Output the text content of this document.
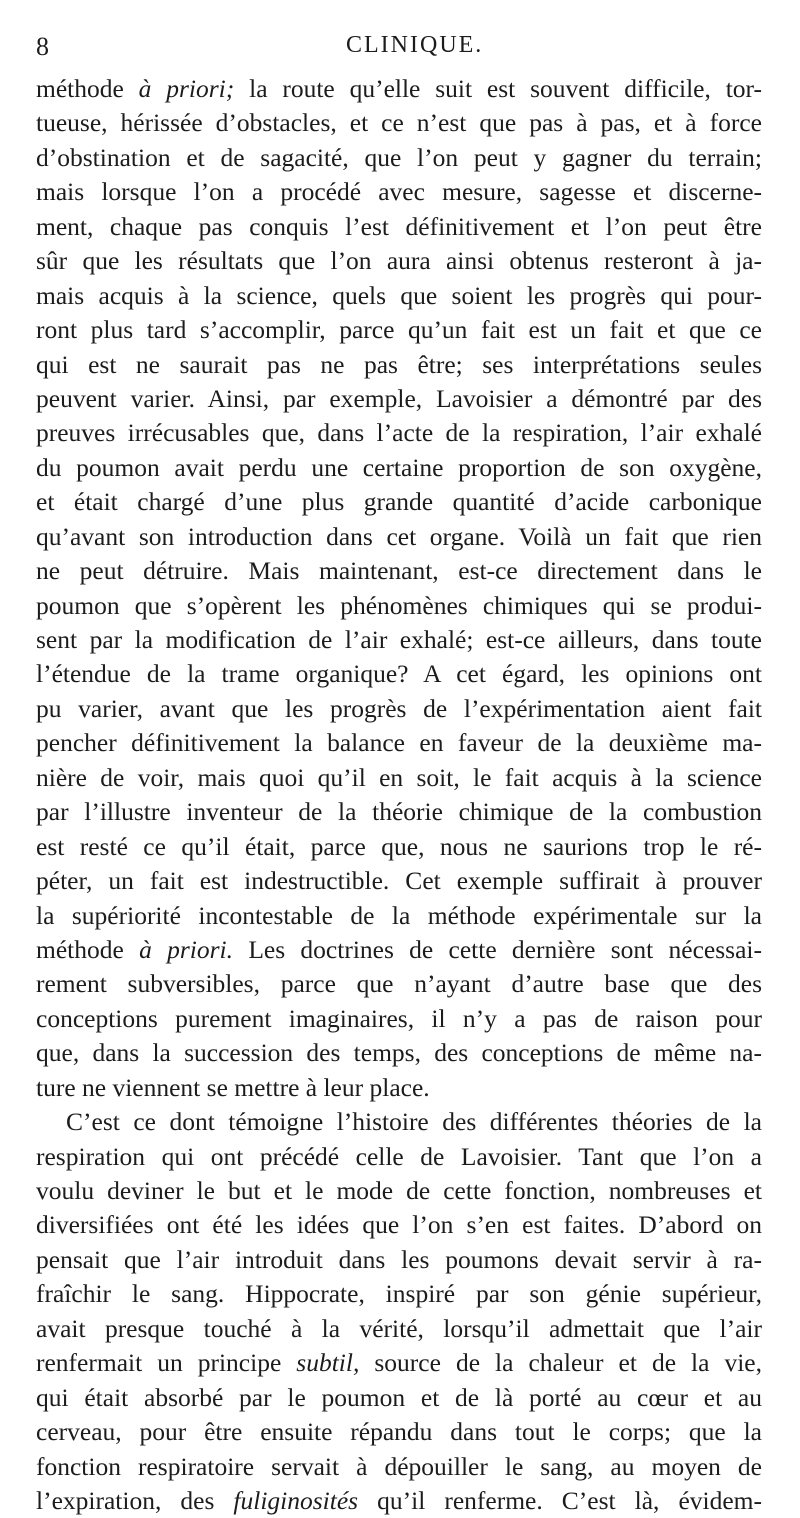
8	CLINIQUE.
méthode à priori; la route qu’elle suit est souvent difficile, tor-
tueuse, hérissée d’obstacles, et ce n’est que pas à pas, et à force
d’obstination et de sagacité, que l’on peut y gagner du terrain;
mais lorsque l’on a procédé avec mesure, sagesse et discerne-
ment, chaque pas conquis l’est définitivement et l’on peut être
sûr que les résultats que l’on aura ainsi obtenus resteront à ja-
mais acquis à la science, quels que soient les progrès qui pour-
ront plus tard s’accomplir, parce qu’un fait est un fait et que ce
qui est ne saurait pas ne pas être; ses interprétations seules
peuvent varier. Ainsi, par exemple, Lavoisier a démontré par des
preuves irrécusables que, dans l’acte de la respiration, l’air exhalé
du poumon avait perdu une certaine proportion de son oxygène,
et était chargé d’une plus grande quantité d’acide carbonique
qu’avant son introduction dans cet organe. Voilà un fait que rien
ne peut détruire. Mais maintenant, est-ce directement dans le
poumon que s’opèrent les phénomènes chimiques qui se produi-
sent par la modification de l’air exhalé; est-ce ailleurs, dans toute
l’étendue de la trame organique? A cet égard, les opinions ont
pu varier, avant que les progrès de l’expérimentation aient fait
pencher définitivement la balance en faveur de la deuxième ma-
nière de voir, mais quoi qu’il en soit, le fait acquis à la science
par l’illustre inventeur de la théorie chimique de la combustion
est resté ce qu’il était, parce que, nous ne saurions trop le ré-
péter, un fait est indestructible. Cet exemple suffirait à prouver
la supériorité incontestable de la méthode expérimentale sur la
méthode à priori. Les doctrines de cette dernière sont nécessai-
rement subversibles, parce que n’ayant d’autre base que des
conceptions purement imaginaires, il n’y a pas de raison pour
que, dans la succession des temps, des conceptions de même na-
ture ne viennent se mettre à leur place.
C’est ce dont témoigne l’histoire des différentes théories de la
respiration qui ont précédé celle de Lavoisier. Tant que l’on a
voulu deviner le but et le mode de cette fonction, nombreuses et
diversifiées ont été les idées que l’on s’en est faites. D’abord on
pensait que l’air introduit dans les poumons devait servir à ra-
fraîchir le sang. Hippocrate, inspiré par son génie supérieur,
avait presque touché à la vérité, lorsqu’il admettait que l’air
renfermait un principe subtil, source de la chaleur et de la vie,
qui était absorbé par le poumon et de là porté au cœur et au
cerveau, pour être ensuite répandu dans tout le corps; que la
fonction respiratoire servait à dépouiller le sang, au moyen de
l’expiration, des fuliginosités qu’il renferme. C’est là, évidem-
